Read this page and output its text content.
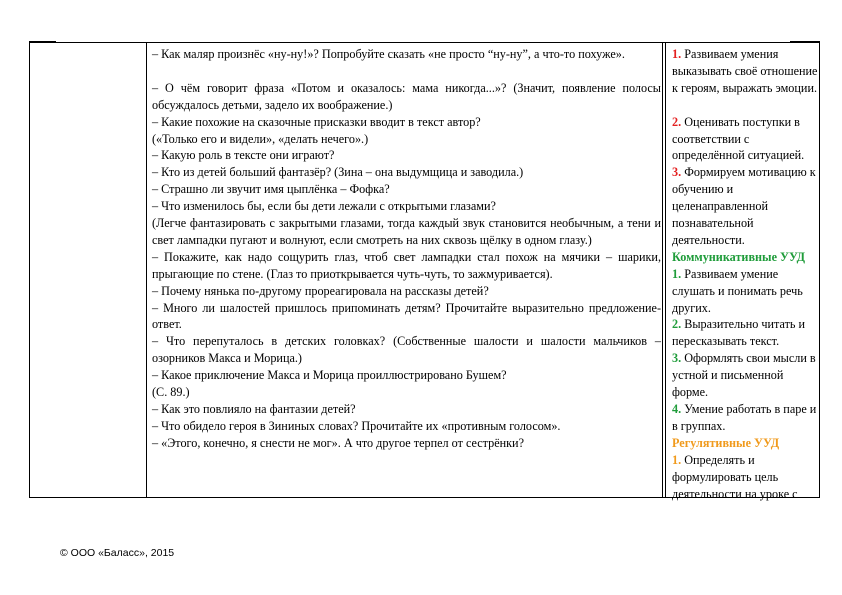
– Как маляр произнёс «ну-ну!»? Попробуйте сказать «не просто “ну-ну”, а что-то похуже».

– О чём говорит фраза «Потом и оказалось: мама никогда...»? (Значит, появление полосы обсуждалось детьми, задело их воображение.)

– Какие похожие на сказочные присказки вводит в текст автор?

(«Только его и видели», «делать нечего».)

– Какую роль в тексте они играют?

– Кто из детей больший фантазёр? (Зина – она выдумщица и заводила.)

– Страшно ли звучит имя цыплёнка – Фофка?

– Что изменилось бы, если бы дети лежали с открытыми глазами?

(Легче фантазировать с закрытыми глазами, тогда каждый звук становится необычным, а тени и свет лампадки пугают и волнуют, если смотреть на них сквозь щёлку в одном глазу.)

– Покажите, как надо сощурить глаз, чтоб свет лампадки стал похож на мячики – шарики, прыгающие по стене. (Глаз то приоткрывается чуть-чуть, то зажмуривается).

– Почему нянька по-другому прореагировала на рассказы детей?

– Много ли шалостей пришлось припоминать детям? Прочитайте выразительно предложение-ответ.

– Что перепуталось в детских головках? (Собственные шалости и шалости мальчиков – озорников Макса и Морица.)

– Какое приключение Макса и Морица проиллюстрировано Бушем?

(С. 89.)

– Как это повлияло на фантазии детей?

– Что обидело героя в Зининых словах? Прочитайте их «противным голосом».

– «Этого, конечно, я снести не мог». А что другое терпел от сестрёнки?

1. Развиваем умения выказывать своё отношение к героям, выражать эмоции.

2. Оценивать поступки в соответствии с определённой ситуацией.

3. Формируем мотивацию к обучению и целенаправленной познавательной деятельности.

Коммуникативные УУД

1. Развиваем умение слушать и понимать речь других.

2. Выразительно читать и пересказывать текст.

3. Оформлять свои мысли в устной и письменной форме.

4. Умение работать в паре и в группах.

Регулятивные УУД

1. Определять и формулировать цель деятельности на уроке с

© ООО «Баласс», 2015
